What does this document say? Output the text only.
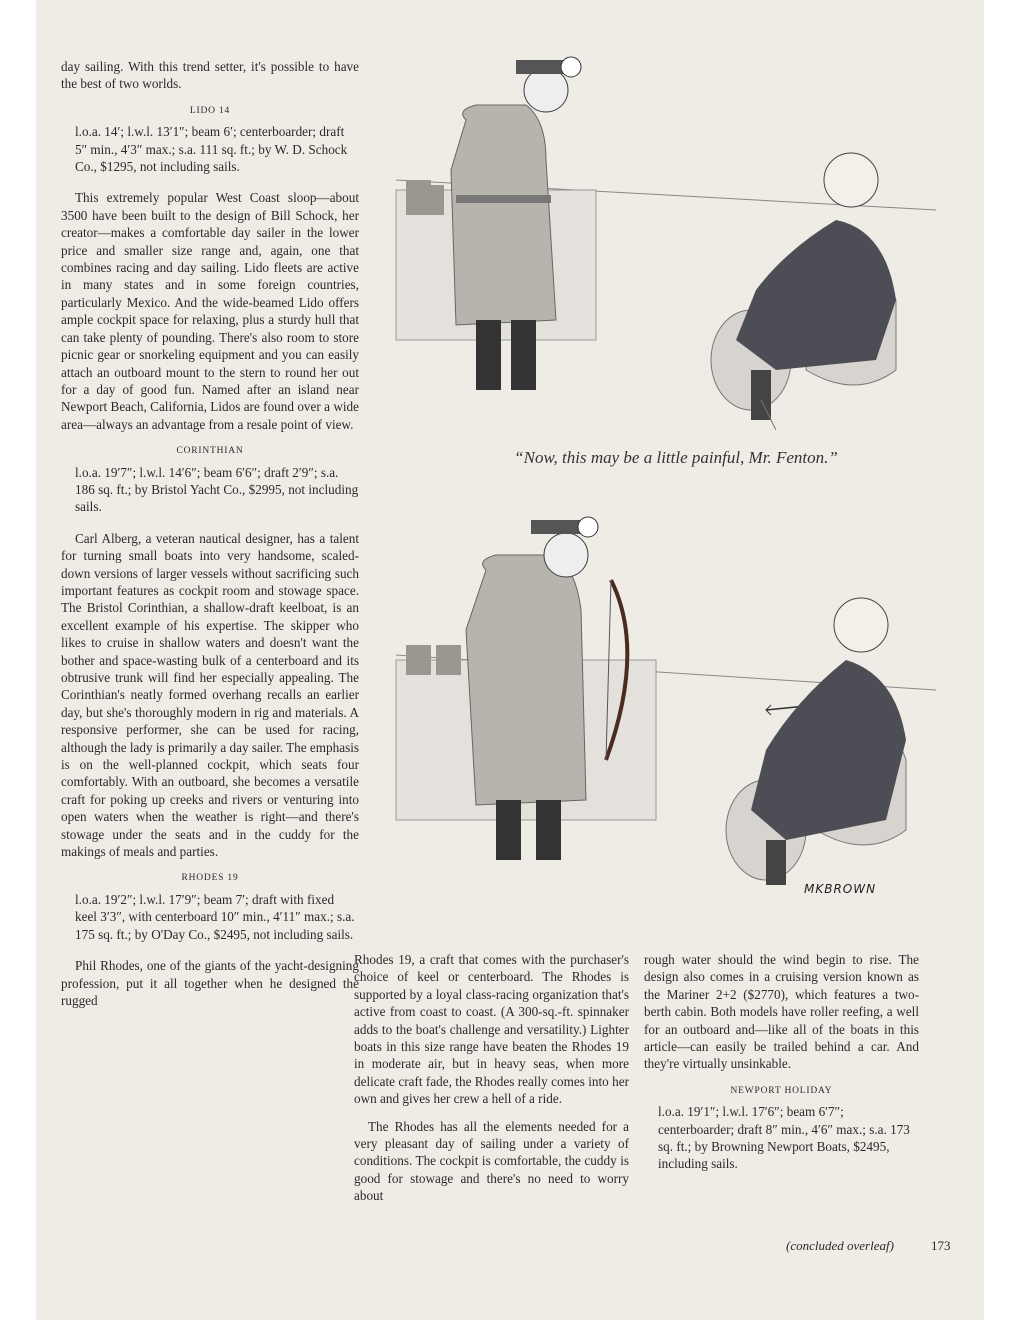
day sailing. With this trend setter, it's possible to have the best of two worlds.

LIDO 14
l.o.a. 14′; l.w.l. 13′1″; beam 6′; centerboarder; draft 5″ min., 4′3″ max.; s.a. 111 sq. ft.; by W. D. Schock Co., $1295, not including sails.

This extremely popular West Coast sloop—about 3500 have been built to the design of Bill Schock, her creator—makes a comfortable day sailer in the lower price and smaller size range and, again, one that combines racing and day sailing. Lido fleets are active in many states and in some foreign countries, particularly Mexico. And the wide-beamed Lido offers ample cockpit space for relaxing, plus a sturdy hull that can take plenty of pounding. There's also room to store picnic gear or snorkeling equipment and you can easily attach an outboard mount to the stern to round her out for a day of good fun. Named after an island near Newport Beach, California, Lidos are found over a wide area—always an advantage from a resale point of view.

CORINTHIAN
l.o.a. 19′7″; l.w.l. 14′6″; beam 6′6″; draft 2′9″; s.a. 186 sq. ft.; by Bristol Yacht Co., $2995, not including sails.

Carl Alberg, a veteran nautical designer, has a talent for turning small boats into very handsome, scaled-down versions of larger vessels without sacrificing such important features as cockpit room and stowage space. The Bristol Corinthian, a shallow-draft keelboat, is an excellent example of his expertise. The skipper who likes to cruise in shallow waters and doesn't want the bother and space-wasting bulk of a centerboard and its obtrusive trunk will find her especially appealing. The Corinthian's neatly formed overhang recalls an earlier day, but she's thoroughly modern in rig and materials. A responsive performer, she can be used for racing, although the lady is primarily a day sailer. The emphasis is on the well-planned cockpit, which seats four comfortably. With an outboard, she becomes a versatile craft for poking up creeks and rivers or venturing into open waters when the weather is right—and there's stowage under the seats and in the cuddy for the makings of meals and parties.

RHODES 19
l.o.a. 19′2″; l.w.l. 17′9″; beam 7′; draft with fixed keel 3′3″, with centerboard 10″ min., 4′11″ max.; s.a. 175 sq. ft.; by O'Day Co., $2495, not including sails.

Phil Rhodes, one of the giants of the yacht-designing profession, put it all together when he designed the rugged

“Now, this may be a little painful, Mr. Fenton.”
MKBROWN

Rhodes 19, a craft that comes with the purchaser's choice of keel or centerboard. The Rhodes is supported by a loyal class-racing organization that's active from coast to coast. (A 300-sq.-ft. spinnaker adds to the boat's challenge and versatility.) Lighter boats in this size range have beaten the Rhodes 19 in moderate air, but in heavy seas, when more delicate craft fade, the Rhodes really comes into her own and gives her crew a hell of a ride.

The Rhodes has all the elements needed for a very pleasant day of sailing under a variety of conditions. The cockpit is comfortable, the cuddy is good for stowage and there's no need to worry about

rough water should the wind begin to rise. The design also comes in a cruising version known as the Mariner 2+2 ($2770), which features a two-berth cabin. Both models have roller reefing, a well for an outboard and—like all of the boats in this article—can easily be trailed behind a car. And they're virtually unsinkable.

NEWPORT HOLIDAY
l.o.a. 19′1″; l.w.l. 17′6″; beam 6′7″; centerboarder; draft 8″ min., 4′6″ max.; s.a. 173 sq. ft.; by Browning Newport Boats, $2495, including sails.
(concluded overleaf)	173
